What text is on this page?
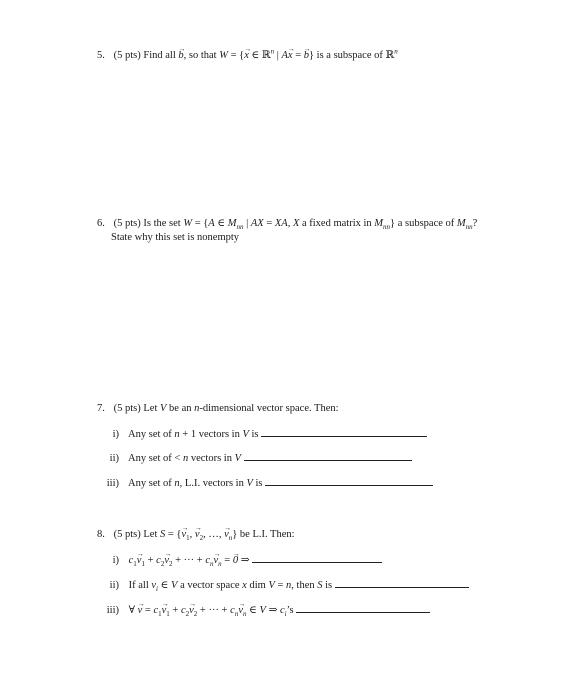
5. (5 pts) Find all → b, so that W = {→ x ∈ ℝ$^n$ | A→ x = → b} is a subspace of ℝ$^n$
6. (5 pts) Is the set W = {A ∈ $M_{nn}$ | AX = XA, X a fixed matrix in $M_{nn}$} a subspace of $M_{nn}$?
State why this set is nonempty
7. (5 pts) Let V be an n-dimensional vector space. Then:
i) Any set of n + 1 vectors in V is
ii) Any set of < n vectors in V
iii) Any set of n, L.I. vectors in V is
8. (5 pts) Let S = {→ $v_1$, → $v_2$, …, → $v_n$} be L.I. Then:
i) $c_1\to v_1 + c_2\to v_2$ + ··· + $c_n\to v_n$ = → 0 ⇒
ii) If all $v_i$ ∈ V a vector space x dim V = n, then S is
iii) ∀ → $v = c_1\to v_1 + c_2\to v_2$ + ··· + $c_n\to v_n$ ∈ V ⇒ $c_i’s$
